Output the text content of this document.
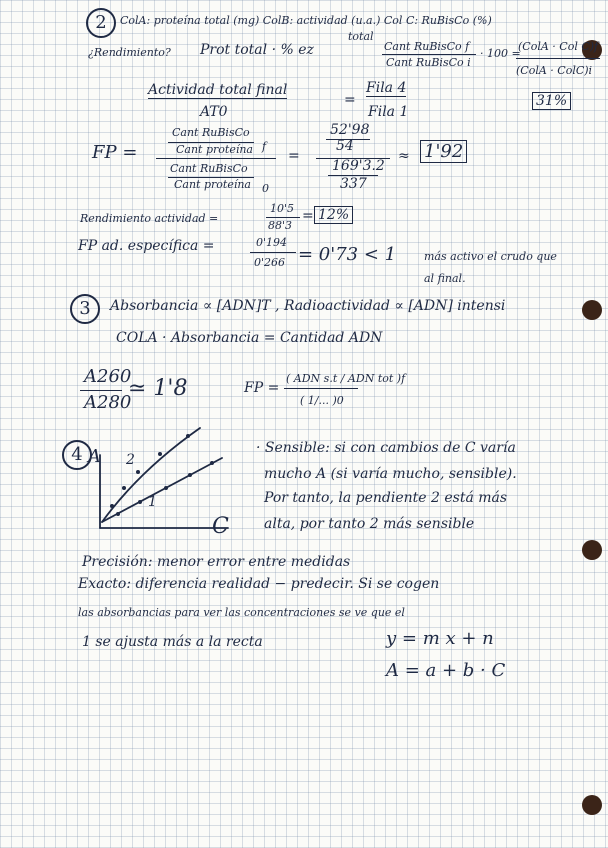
2	ColA: proteína total (mg) ColB: actividad (u.a.) Col C: RuBisCo (%)
total
¿Rendimiento? Prot total · % ez	Cant RuBisCo f
Cant RuBisCo i
· 100 =
(ColA · Col C)f
(ColA · ColC)i
31%
Actividad total final
AT0
=
Fila 4
Fila 1
FP =
Cant RuBisCo
Cant proteína f
Cant RuBisCo
Cant proteína 0
=
52'98
54
169'3.2
337
≈ 1'92
Rendimiento actividad =
10'5
88'3
= 12%
FP ad. específica =	0'194
0'266 = 0'73 < 1	más activo el crudo que
al final.
3	Absorbancia ∝ [ADN]T , Radioactividad ∝ [ADN] intensi
COLA · Absorbancia = Cantidad ADN
A260
A280
≃ 1'8	FP =
( ADN s.t / ADN tot )f
( 1/... )0
4 A
C
1
2
· Sensible: si con cambios de C varía
mucho A (si varía mucho, sensible).
Por tanto, la pendiente 2 está más
alta, por tanto 2 más sensible
Precisión: menor error entre medidas
Exacto: diferencia realidad − predecir. Si se cogen
las absorbancias para ver las concentraciones se ve que el
1 se ajusta más a la recta	y = m x + n
A = a + b · C
